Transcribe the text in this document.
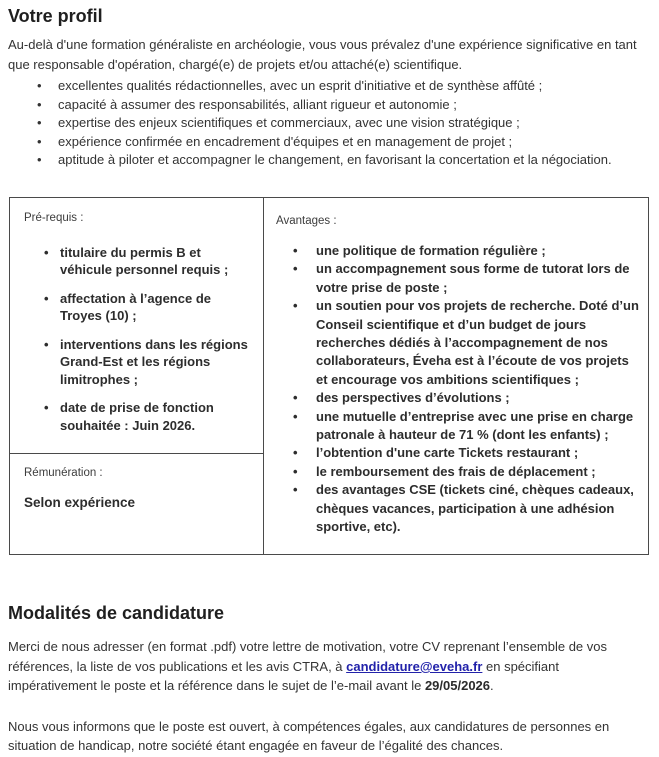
Votre profil

Au-delà d'une formation généraliste en archéologie, vous vous prévalez d'une expérience significative en tant que responsable d'opération, chargé(e) de projets et/ou attaché(e) scientifique.

• excellentes qualités rédactionnelles, avec un esprit d'initiative et de synthèse affûté ;
• capacité à assumer des responsabilités, alliant rigueur et autonomie ;
• expertise des enjeux scientifiques et commerciaux, avec une vision stratégique ;
• expérience confirmée en encadrement d'équipes et en management de projet ;
• aptitude à piloter et accompagner le changement, en favorisant la concertation et la négociation.

Pré-requis :

• titulaire du permis B et véhicule personnel requis ;
• affectation à l’agence de Troyes (10) ;
• interventions dans les régions Grand-Est et les régions limitrophes ;
• date de prise de fonction souhaitée : Juin 2026.

Avantages :

• une politique de formation régulière ;
• un accompagnement sous forme de tutorat lors de votre prise de poste ;
• un soutien pour vos projets de recherche. Doté d’un Conseil scientifique et d’un budget de jours recherches dédiés à l’accompagnement de nos collaborateurs, Éveha est à l’écoute de vos projets et encourage vos ambitions scientifiques ;
• des perspectives d’évolutions ;
• une mutuelle d’entreprise avec une prise en charge patronale à hauteur de 71 % (dont les enfants) ;
• l’obtention d'une carte Tickets restaurant ;
• le remboursement des frais de déplacement ;
• des avantages CSE (tickets ciné, chèques cadeaux, chèques vacances, participation à une adhésion sportive, etc).

Rémunération :

Selon expérience
Modalités de candidature

Merci de nous adresser (en format .pdf) votre lettre de motivation, votre CV reprenant l’ensemble de vos références, la liste de vos publications et les avis CTRA, à candidature@eveha.fr en spécifiant impérativement le poste et la référence dans le sujet de l’e-mail avant le 29/05/2026.

Nous vous informons que le poste est ouvert, à compétences égales, aux candidatures de personnes en situation de handicap, notre société étant engagée en faveur de l’égalité des chances.
